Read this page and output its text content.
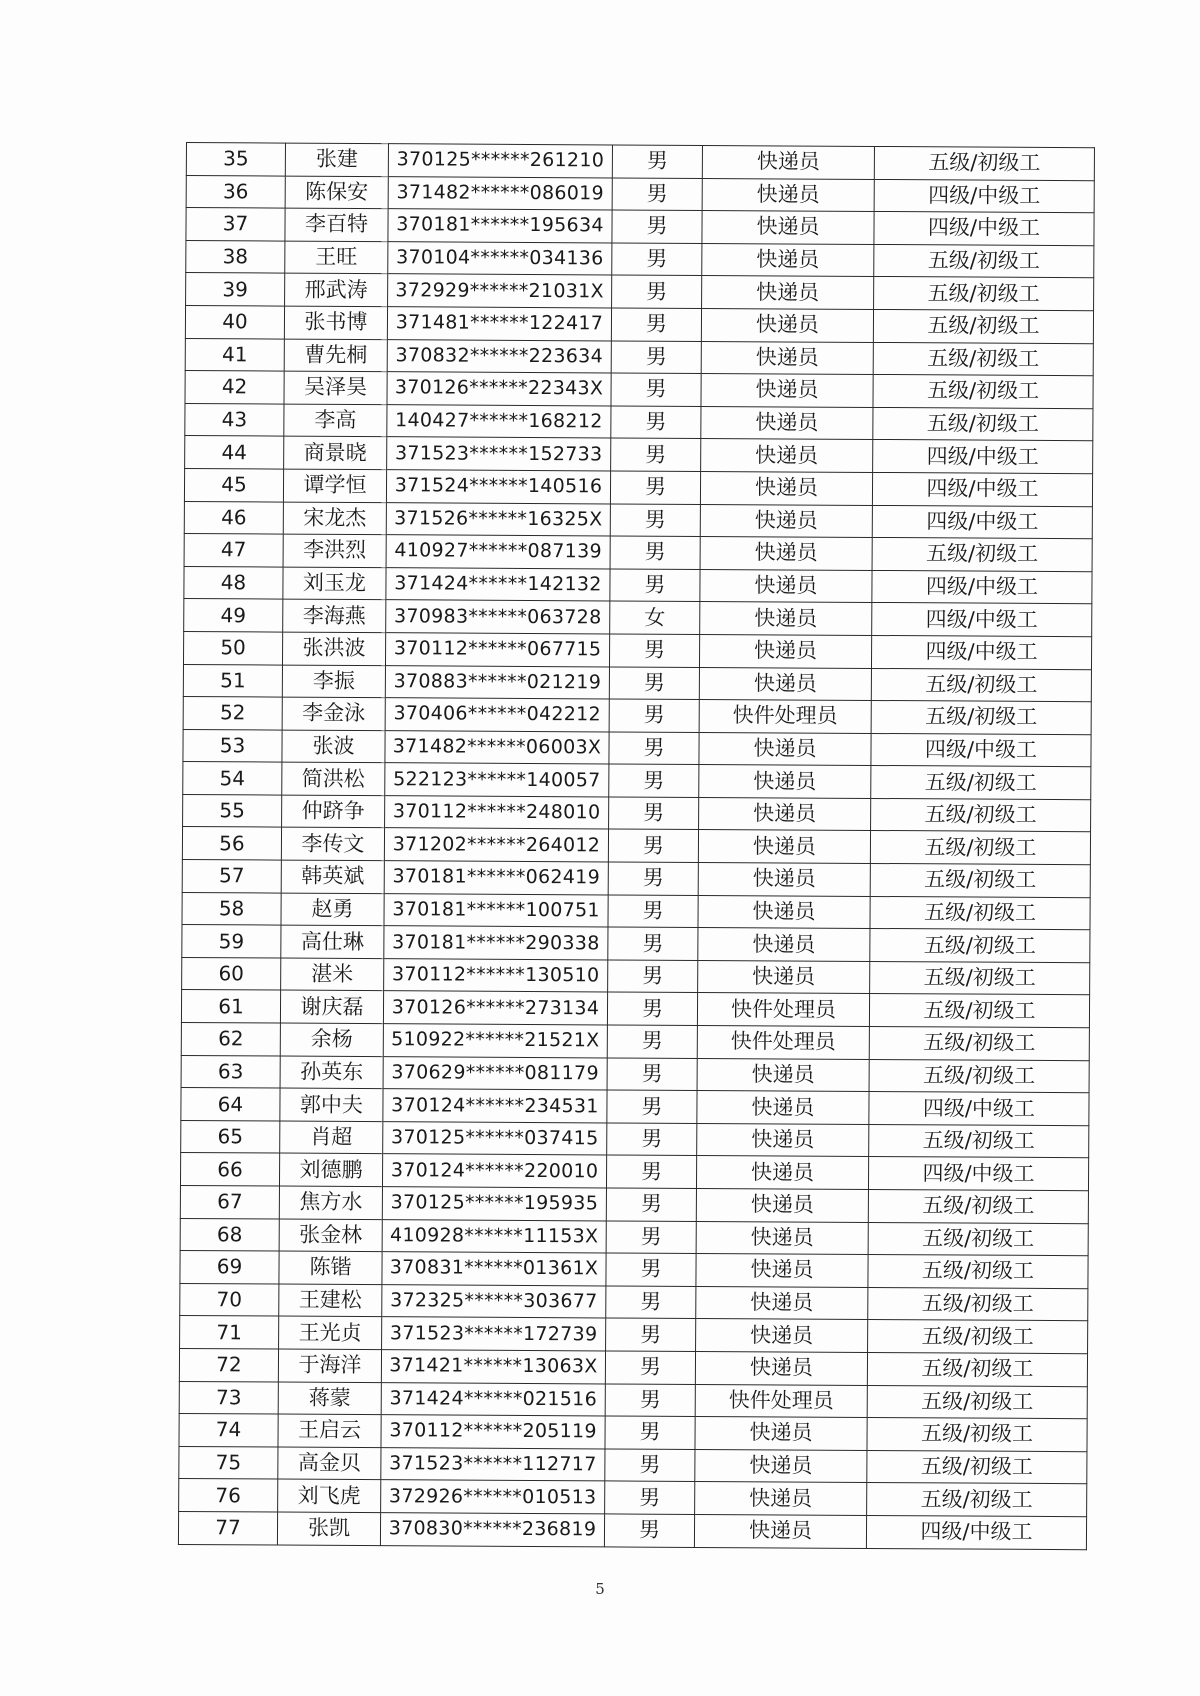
35	张建	370125******261210	男	快递员	五级/初级工
36	陈保安	371482******086019	男	快递员	四级/中级工
37	李百特	370181******195634	男	快递员	四级/中级工
38	王旺	370104******034136	男	快递员	五级/初级工
39	邢武涛	372929******21031X	男	快递员	五级/初级工
40	张书博	371481******122417	男	快递员	五级/初级工
41	曹先桐	370832******223634	男	快递员	五级/初级工
42	吴泽昊	370126******22343X	男	快递员	五级/初级工
43	李高	140427******168212	男	快递员	五级/初级工
44	商景晓	371523******152733	男	快递员	四级/中级工
45	谭学恒	371524******140516	男	快递员	四级/中级工
46	宋龙杰	371526******16325X	男	快递员	四级/中级工
47	李洪烈	410927******087139	男	快递员	五级/初级工
48	刘玉龙	371424******142132	男	快递员	四级/中级工
49	李海燕	370983******063728	女	快递员	四级/中级工
50	张洪波	370112******067715	男	快递员	四级/中级工
51	李振	370883******021219	男	快递员	五级/初级工
52	李金泳	370406******042212	男	快件处理员	五级/初级工
53	张波	371482******06003X	男	快递员	四级/中级工
54	简洪松	522123******140057	男	快递员	五级/初级工
55	仲跻争	370112******248010	男	快递员	五级/初级工
56	李传文	371202******264012	男	快递员	五级/初级工
57	韩英斌	370181******062419	男	快递员	五级/初级工
58	赵勇	370181******100751	男	快递员	五级/初级工
59	高仕琳	370181******290338	男	快递员	五级/初级工
60	湛米	370112******130510	男	快递员	五级/初级工
61	谢庆磊	370126******273134	男	快件处理员	五级/初级工
62	余杨	510922******21521X	男	快件处理员	五级/初级工
63	孙英东	370629******081179	男	快递员	五级/初级工
64	郭中夫	370124******234531	男	快递员	四级/中级工
65	肖超	370125******037415	男	快递员	五级/初级工
66	刘德鹏	370124******220010	男	快递员	四级/中级工
67	焦方水	370125******195935	男	快递员	五级/初级工
68	张金林	410928******11153X	男	快递员	五级/初级工
69	陈锴	370831******01361X	男	快递员	五级/初级工
70	王建松	372325******303677	男	快递员	五级/初级工
71	王光贞	371523******172739	男	快递员	五级/初级工
72	于海洋	371421******13063X	男	快递员	五级/初级工
73	蒋蒙	371424******021516	男	快件处理员	五级/初级工
74	王启云	370112******205119	男	快递员	五级/初级工
75	高金贝	371523******112717	男	快递员	五级/初级工
76	刘飞虎	372926******010513	男	快递员	五级/初级工
77	张凯	370830******236819	男	快递员	四级/中级工
5
